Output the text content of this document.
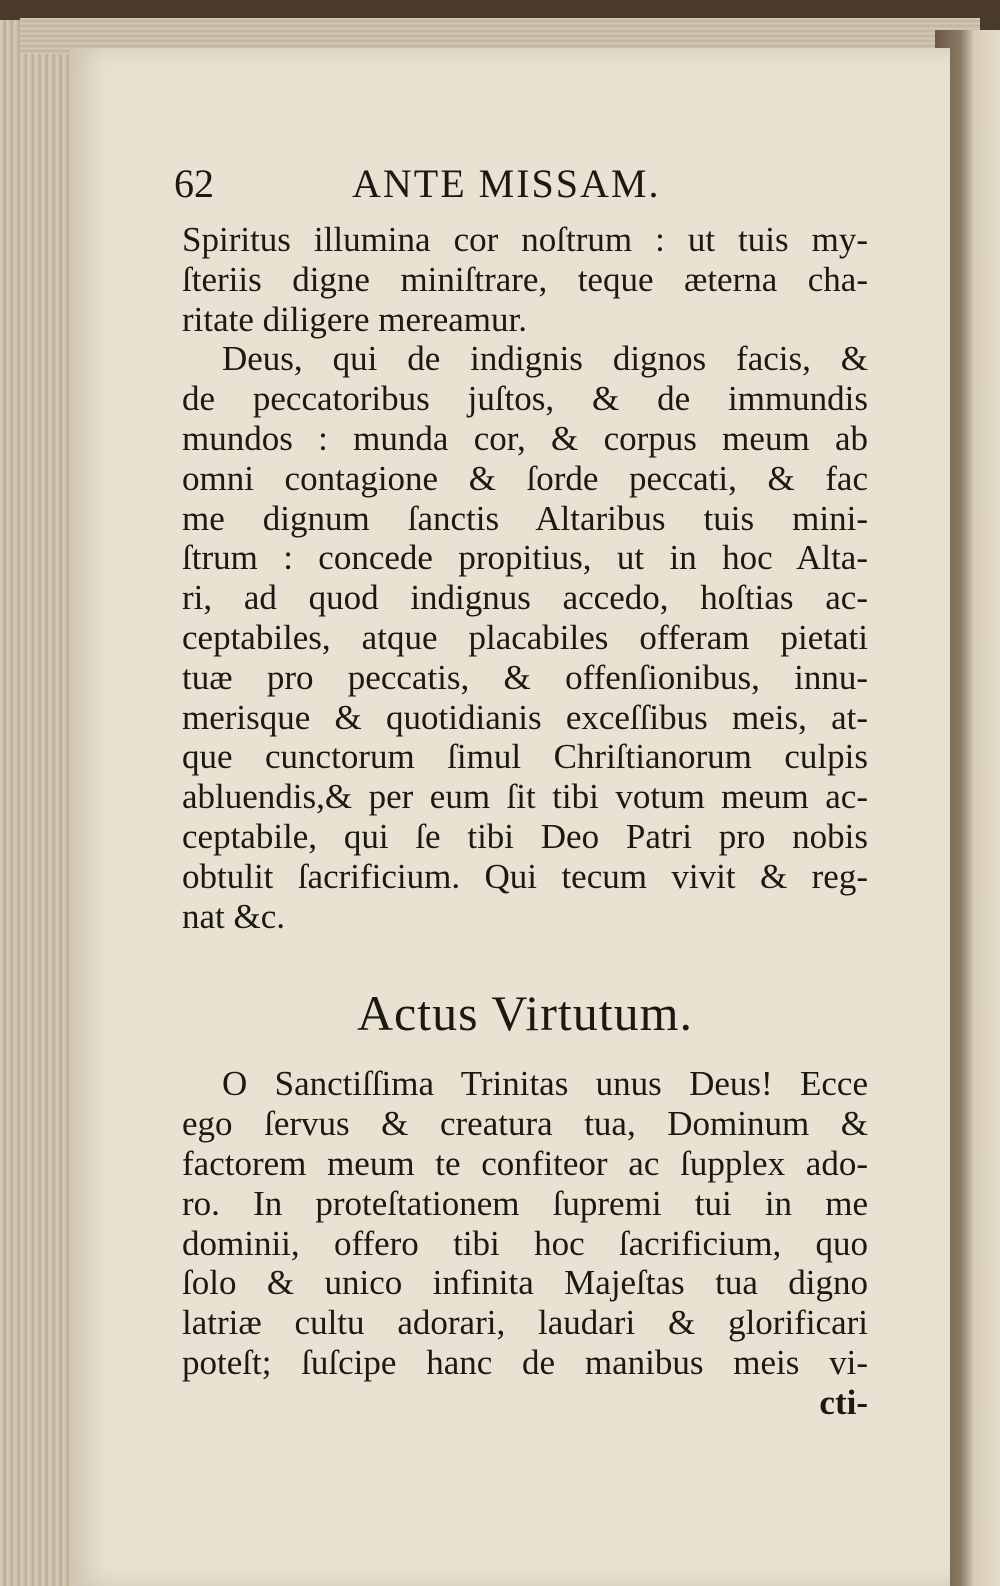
62	ANTE MISSAM.
Spiritus illumina cor noſtrum : ut tuis my-
ſteriis digne miniſtrare, teque æterna cha-
ritate diligere mereamur.
Deus, qui de indignis dignos facis, &
de peccatoribus juſtos, & de immundis
mundos : munda cor, & corpus meum ab
omni contagione & ſorde peccati, & fac
me dignum ſanctis Altaribus tuis mini-
ſtrum : concede propitius, ut in hoc Alta-
ri, ad quod indignus accedo, hoſtias ac-
ceptabiles, atque placabiles offeram pietati
tuæ pro peccatis, & offenſionibus, innu-
merisque & quotidianis exceſſibus meis, at-
que cunctorum ſimul Chriſtianorum culpis
abluendis,& per eum ſit tibi votum meum ac-
ceptabile, qui ſe tibi Deo Patri pro nobis
obtulit ſacrificium. Qui tecum vivit & reg-
nat &c.
Actus Virtutum.
O Sanctiſſima Trinitas unus Deus! Ecce
ego ſervus & creatura tua, Dominum &
factorem meum te confiteor ac ſupplex ado-
ro. In proteſtationem ſupremi tui in me
dominii, offero tibi hoc ſacrificium, quo
ſolo & unico infinita Majeſtas tua digno
latriæ cultu adorari, laudari & glorificari
poteſt; ſuſcipe hanc de manibus meis vi-
cti-
